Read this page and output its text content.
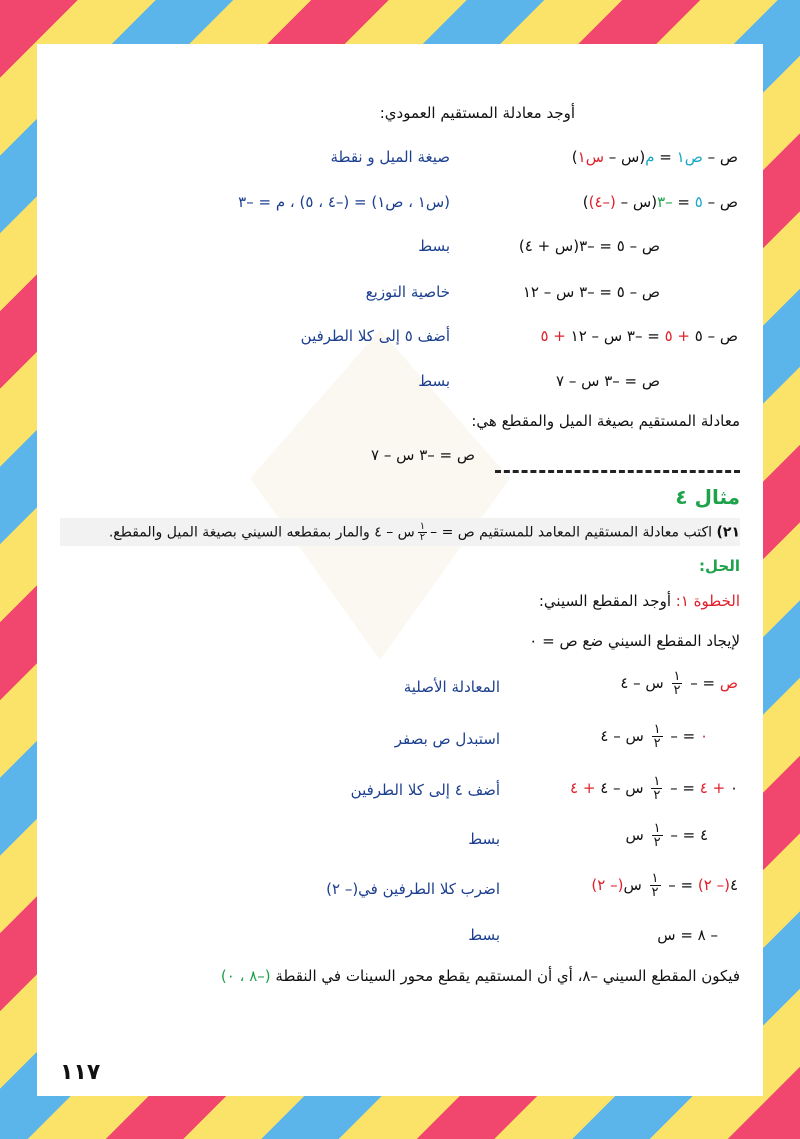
أوجد معادلة المستقيم العمودي:
ص – ص١ = م(س – س١)
صيغة الميل و نقطة
ص – ٥ = –٣(س – (–٤))
(س١ ، ص١) = (–٤ ، ٥) ، م = –٣
ص – ٥ = –٣(س + ٤)
بسط
ص – ٥ = –٣ س – ١٢
خاصية التوزيع
ص – ٥ + ٥ = –٣ س – ١٢ + ٥
أضف ٥ إلى كلا الطرفين
ص = –٣ س – ٧
بسط
معادلة المستقيم بصيغة الميل والمقطع هي:
ص = –٣ س – ٧
مثال ٤
٢١) اكتب معادلة المستقيم المعامد للمستقيم ص = –
$\frac{١}{٢}$
س – ٤ والمار بمقطعه السيني بصيغة الميل والمقطع.
الحل:
الخطوة ١: أوجد المقطع السيني:
لإيجاد المقطع السيني ضع ص = ٠
ص = –
$\frac{١}{٢}$
س – ٤
المعادلة الأصلية
٠ = –
$\frac{١}{٢}$
س – ٤
استبدل ص بصفر
٠ + ٤ = –
$\frac{١}{٢}$
س – ٤ + ٤
أضف ٤ إلى كلا الطرفين
٤ = –
$\frac{١}{٢}$
س
بسط
٤(– ٢) = –
$\frac{١}{٢}$
س(– ٢)
اضرب كلا الطرفين في(– ٢)
– ٨ = س
بسط
فيكون المقطع السيني –٨، أي أن المستقيم يقطع محور السينات في النقطة (–٨ ، ٠)
١١٧
